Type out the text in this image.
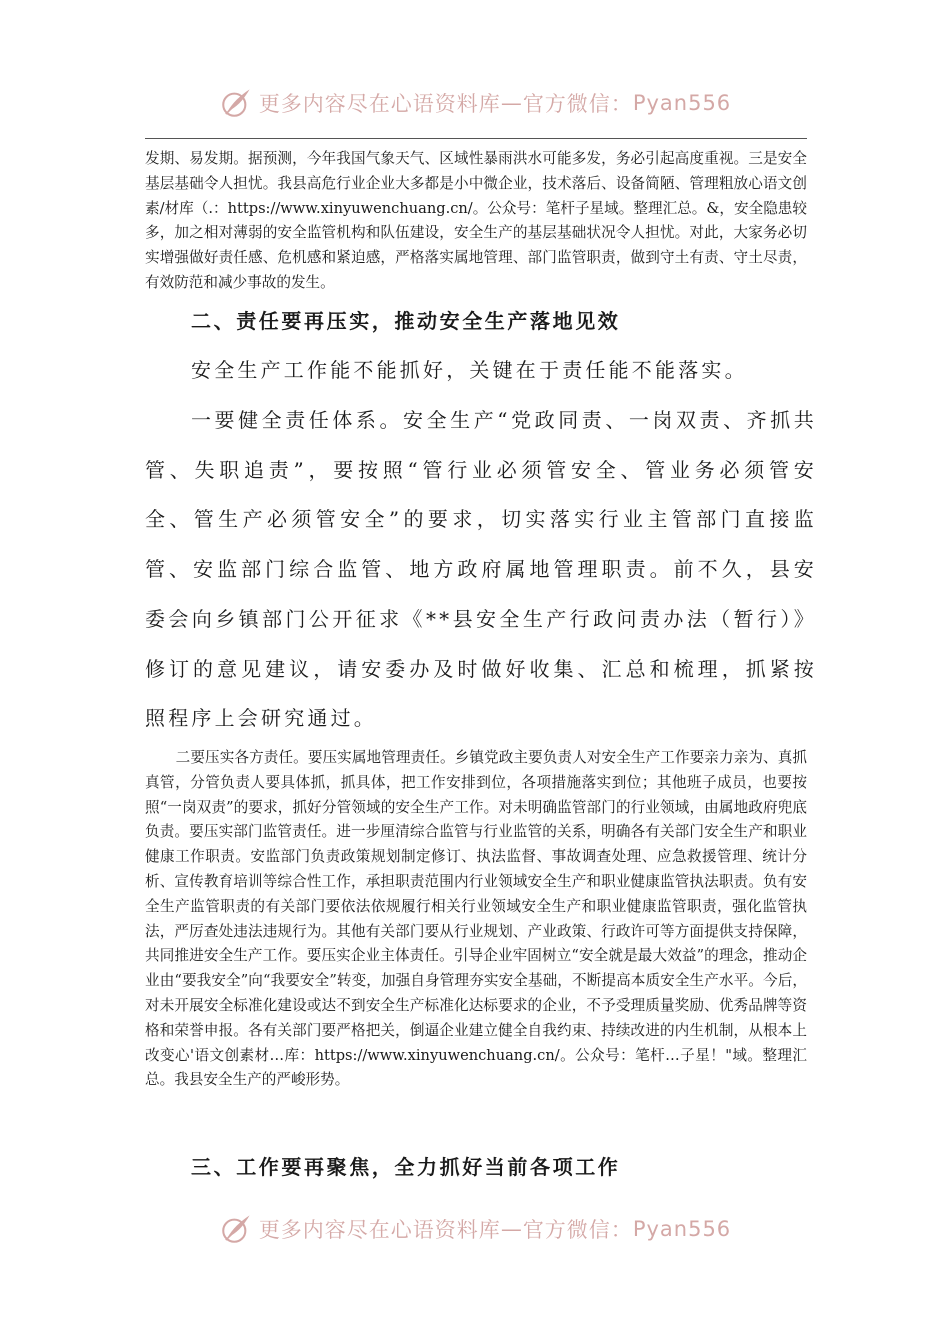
更多内容尽在心语资料库 — 官方微信： Pyan556

发期、易发期。据预测，今年我国气象天气、区域性暴雨洪水可能多发，务必引起高度重视。三是安全基层基础令人担忧。我县高危行业企业大多都是小中微企业，技术落后、设备简陋、管理粗放心语文创素/材库（.：https://www.xinyuwenchuang.cn/。公众号：笔杆子星域。整理汇总。&，安全隐患较多，加之相对薄弱的安全监管机构和队伍建设，安全生产的基层基础状况令人担忧。对此，大家务必切实增强做好责任感、危机感和紧迫感，严格落实属地管理、部门监管职责，做到守土有责、守土尽责，有效防范和减少事故的发生。

二、责任要再压实，推动安全生产落地见效

安全生产工作能不能抓好，关键在于责任能不能落实。

一要健全责任体系。安全生产“党政同责、一岗双责、齐抓共管、失职追责”，要按照“管行业必须管安全、管业务必须管安全、管生产必须管安全”的要求，切实落实行业主管部门直接监管、安监部门综合监管、地方政府属地管理职责。前不久，县安委会向乡镇部门公开征求《**县安全生产行政问责办法（暂行）》修订的意见建议，请安委办及时做好收集、汇总和梳理，抓紧按照程序上会研究通过。

二要压实各方责任。要压实属地管理责任。乡镇党政主要负责人对安全生产工作要亲力亲为、真抓真管，分管负责人要具体抓，抓具体，把工作安排到位，各项措施落实到位；其他班子成员，也要按照“一岗双责”的要求，抓好分管领域的安全生产工作。对未明确监管部门的行业领域，由属地政府兜底负责。要压实部门监管责任。进一步厘清综合监管与行业监管的关系，明确各有关部门安全生产和职业健康工作职责。安监部门负责政策规划制定修订、执法监督、事故调查处理、应急救援管理、统计分析、宣传教育培训等综合性工作，承担职责范围内行业领域安全生产和职业健康监管执法职责。负有安全生产监管职责的有关部门要依法依规履行相关行业领域安全生产和职业健康监管职责，强化监管执法，严厉查处违法违规行为。其他有关部门要从行业规划、产业政策、行政许可等方面提供支持保障，共同推进安全生产工作。要压实企业主体责任。引导企业牢固树立“安全就是最大效益”的理念，推动企业由“要我安全”向“我要安全”转变，加强自身管理夯实安全基础，不断提高本质安全生产水平。今后，对未开展安全标准化建设或达不到安全生产标准化达标要求的企业，不予受理质量奖励、优秀品牌等资格和荣誉申报。各有关部门要严格把关，倒逼企业建立健全自我约束、持续改进的内生机制，从根本上改变心'语文创素材…库：https://www.xinyuwenchuang.cn/。公众号：笔杆…子星！"域。整理汇总。我县安全生产的严峻形势。

三、工作要再聚焦，全力抓好当前各项工作
更多内容尽在心语资料库 — 官方微信： Pyan556
